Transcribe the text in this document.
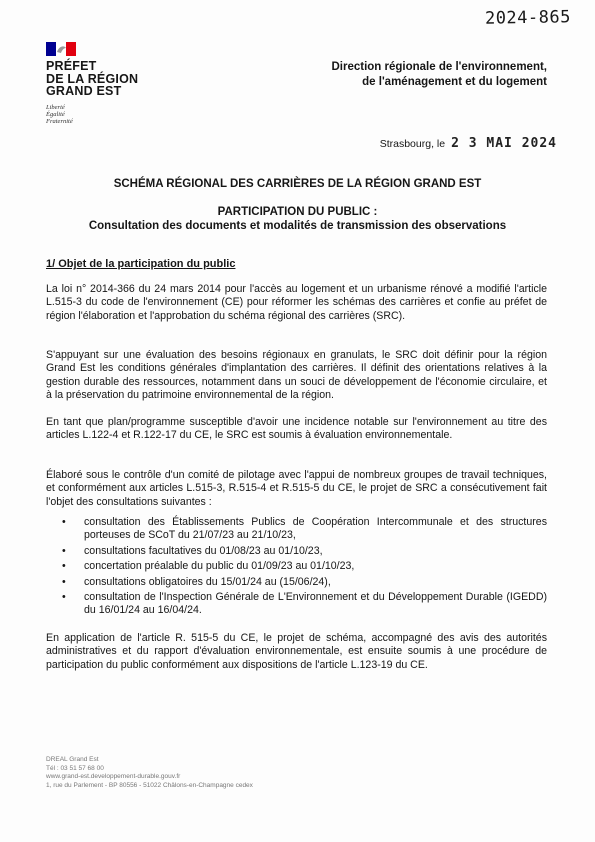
2024-865
PRÉFET
DE LA RÉGION
GRAND EST
Liberté
Égalité
Fraternité
Direction régionale de l'environnement,
de l'aménagement et du logement
Strasbourg, le 2 3 MAI 2024
SCHÉMA RÉGIONAL DES CARRIÈRES DE LA RÉGION GRAND EST
PARTICIPATION DU PUBLIC :
Consultation des documents et modalités de transmission des observations
1/ Objet de la participation du public
La loi n° 2014-366 du 24 mars 2014 pour l'accès au logement et un urbanisme rénové a modifié l'article L.515-3 du code de l'environnement (CE) pour réformer les schémas des carrières et confie au préfet de région l'élaboration et l'approbation du schéma régional des carrières (SRC).
S'appuyant sur une évaluation des besoins régionaux en granulats, le SRC doit définir pour la région Grand Est les conditions générales d'implantation des carrières. Il définit des orientations relatives à la gestion durable des ressources, notamment dans un souci de développement de l'économie circulaire, et à la préservation du patrimoine environnemental de la région.
En tant que plan/programme susceptible d'avoir une incidence notable sur l'environnement au titre des articles L.122-4 et R.122-17 du CE, le SRC est soumis à évaluation environnementale.
Élaboré sous le contrôle d'un comité de pilotage avec l'appui de nombreux groupes de travail techniques, et conformément aux articles L.515-3, R.515-4 et R.515-5 du CE, le projet de SRC a consécutivement fait l'objet des consultations suivantes :
• consultation des Établissements Publics de Coopération Intercommunale et des structures porteuses de SCoT du 21/07/23 au 21/10/23,
• consultations facultatives du 01/08/23 au 01/10/23,
• concertation préalable du public du 01/09/23 au 01/10/23,
• consultations obligatoires du 15/01/24 au (15/06/24),
• consultation de l'Inspection Générale de L'Environnement et du Développement Durable (IGEDD) du 16/01/24 au 16/04/24.
En application de l'article R. 515-5 du CE, le projet de schéma, accompagné des avis des autorités administratives et du rapport d'évaluation environnementale, est ensuite soumis à une procédure de participation du public conformément aux dispositions de l'article L.123-19 du CE.
DREAL Grand Est
Tél : 03 51 57 68 00
www.grand-est.developpement-durable.gouv.fr
1, rue du Parlement - BP 80556 - 51022 Châlons-en-Champagne cedex
